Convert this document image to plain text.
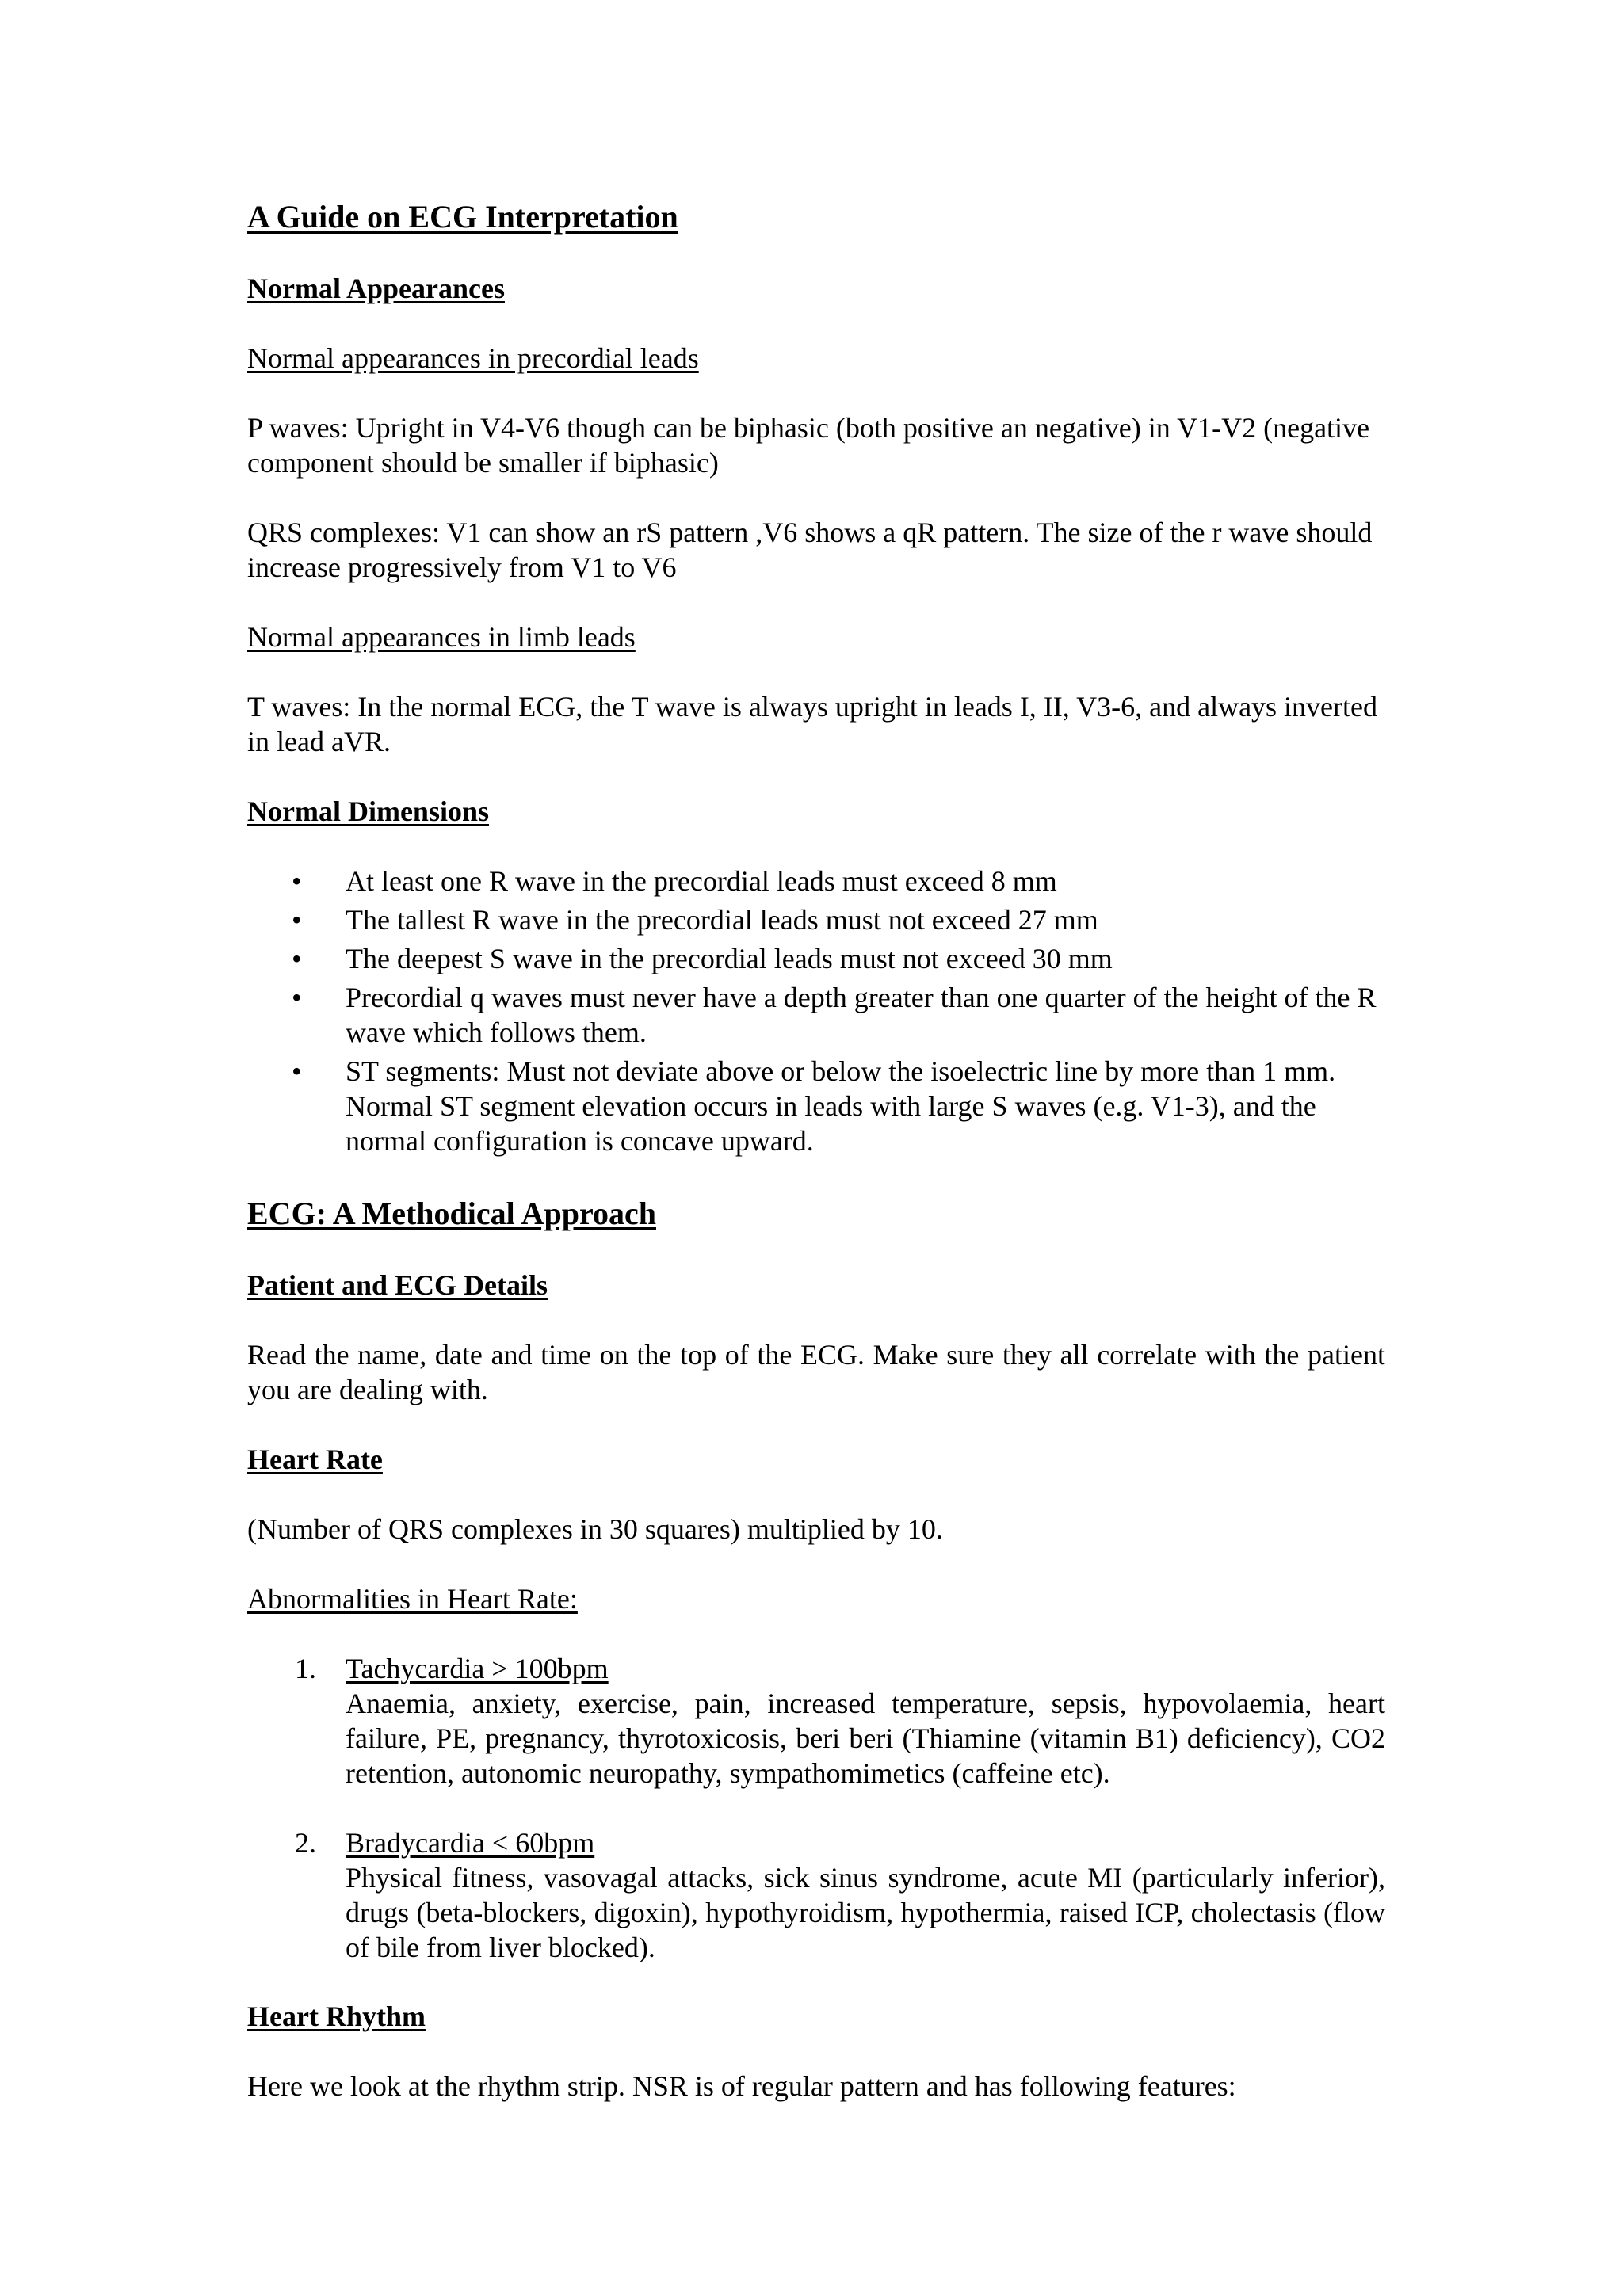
A Guide on ECG Interpretation
Normal Appearances
Normal appearances in precordial leads

P waves: Upright in V4-V6 though can be biphasic (both positive an negative) in V1-V2 (negative component should be smaller if biphasic)

QRS complexes: V1 can show an rS pattern ,V6 shows a qR pattern. The size of the r wave should increase progressively from V1 to V6

Normal appearances in limb leads

T waves: In the normal ECG, the T wave is always upright in leads I, II, V3-6, and always inverted in lead aVR.

Normal Dimensions
• At least one R wave in the precordial leads must exceed 8 mm
• The tallest R wave in the precordial leads must not exceed 27 mm
• The deepest S wave in the precordial leads must not exceed 30 mm
• Precordial q waves must never have a depth greater than one quarter of the height of the R wave which follows them.
• ST segments: Must not deviate above or below the isoelectric line by more than 1 mm. Normal ST segment elevation occurs in leads with large S waves (e.g. V1-3), and the normal configuration is concave upward.
ECG: A Methodical Approach
Patient and ECG Details

Read the name, date and time on the top of the ECG. Make sure they all correlate with the patient you are dealing with.

Heart Rate

(Number of QRS complexes in 30 squares) multiplied by 10.

Abnormalities in Heart Rate:
1. Tachycardia > 100bpm
Anaemia, anxiety, exercise, pain, increased temperature, sepsis, hypovolaemia, heart failure, PE, pregnancy, thyrotoxicosis, beri beri (Thiamine (vitamin B1) deficiency), CO2 retention, autonomic neuropathy, sympathomimetics (caffeine etc).
2. Bradycardia < 60bpm
Physical fitness, vasovagal attacks, sick sinus syndrome, acute MI (particularly inferior), drugs (beta-blockers, digoxin), hypothyroidism, hypothermia, raised ICP, cholectasis (flow of bile from liver blocked).
Heart Rhythm

Here we look at the rhythm strip. NSR is of regular pattern and has following features:
